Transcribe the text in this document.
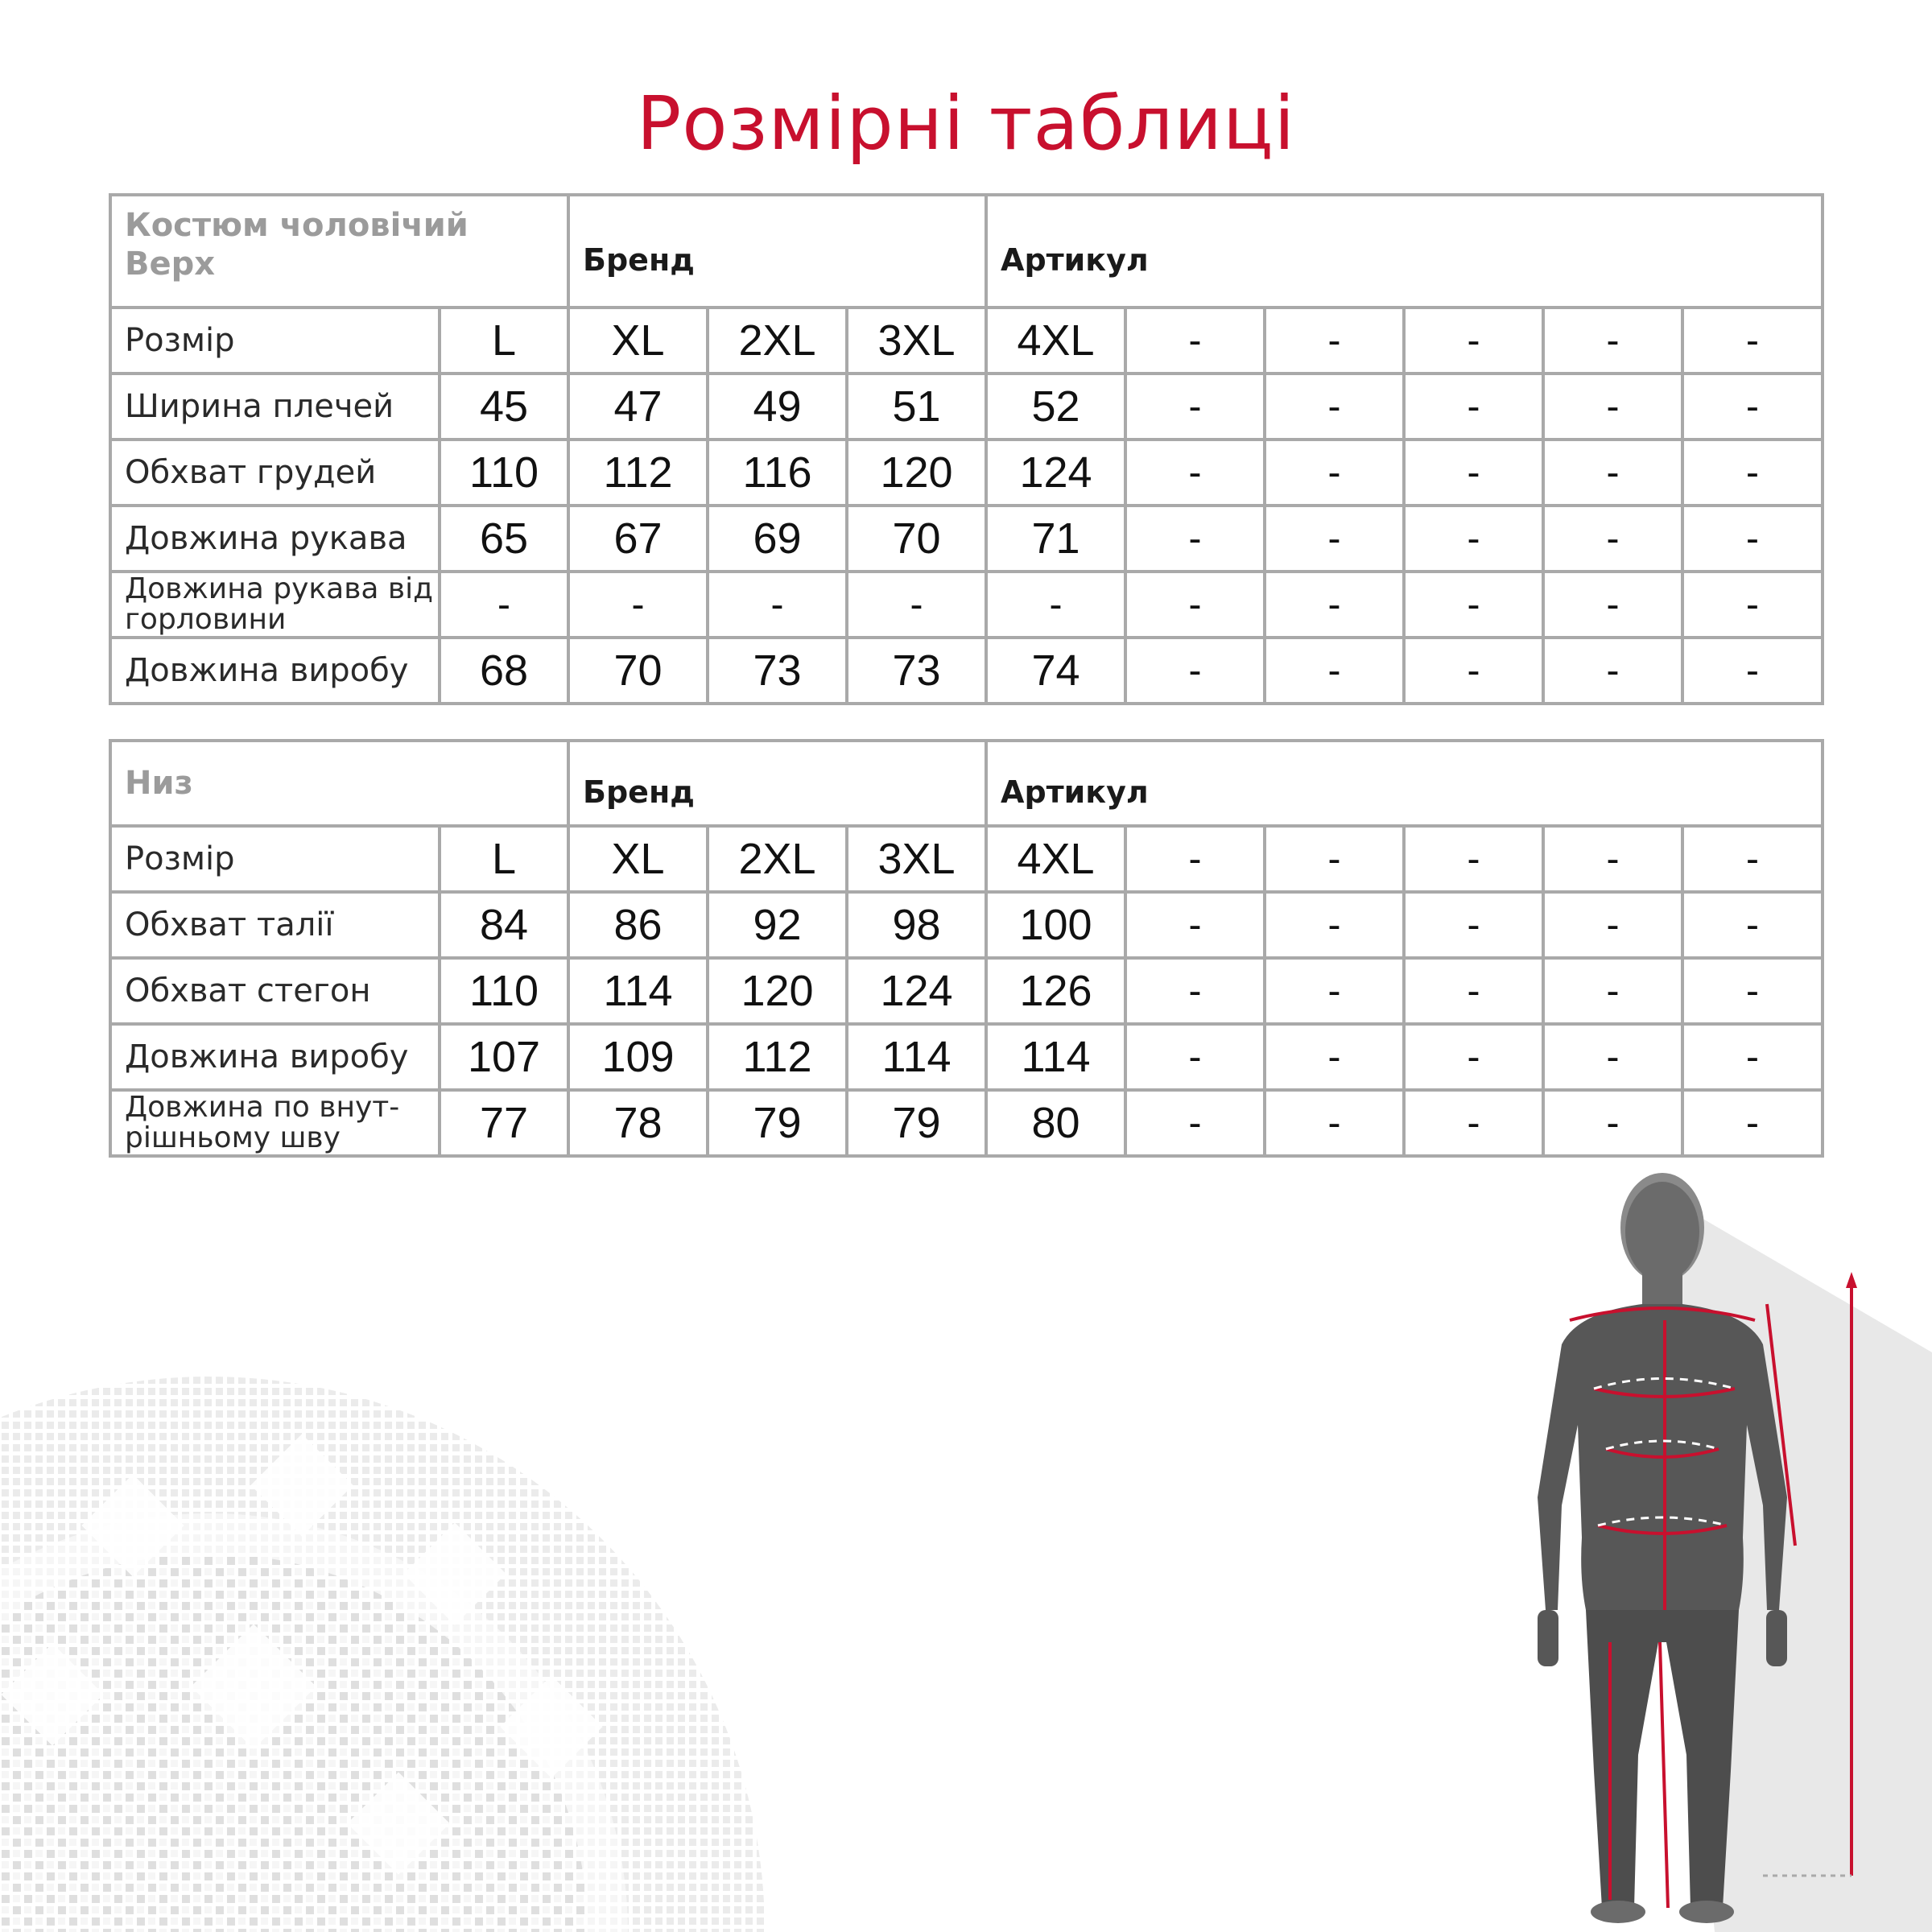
Розмірні таблиці
Костюм чоловічий
Верх		Бренд			Артикул					
Розмір	L	XL	2XL	3XL	4XL	-	-	-	-	-
Ширина плечей	45	47	49	51	52	-	-	-	-	-
Обхват грудей	110	112	116	120	124	-	-	-	-	-
Довжина рукава	65	67	69	70	71	-	-	-	-	-
Довжина рукава від горловини	-	-	-	-	-	-	-	-	-	-
Довжина виробу	68	70	73	73	74	-	-	-	-	-
Низ		Бренд			Артикул					
Розмір	L	XL	2XL	3XL	4XL	-	-	-	-	-
Обхват талії	84	86	92	98	100	-	-	-	-	-
Обхват стегон	110	114	120	124	126	-	-	-	-	-
Довжина виробу	107	109	112	114	114	-	-	-	-	-
Довжина по внут-рішньому шву	77	78	79	79	80	-	-	-	-	-
